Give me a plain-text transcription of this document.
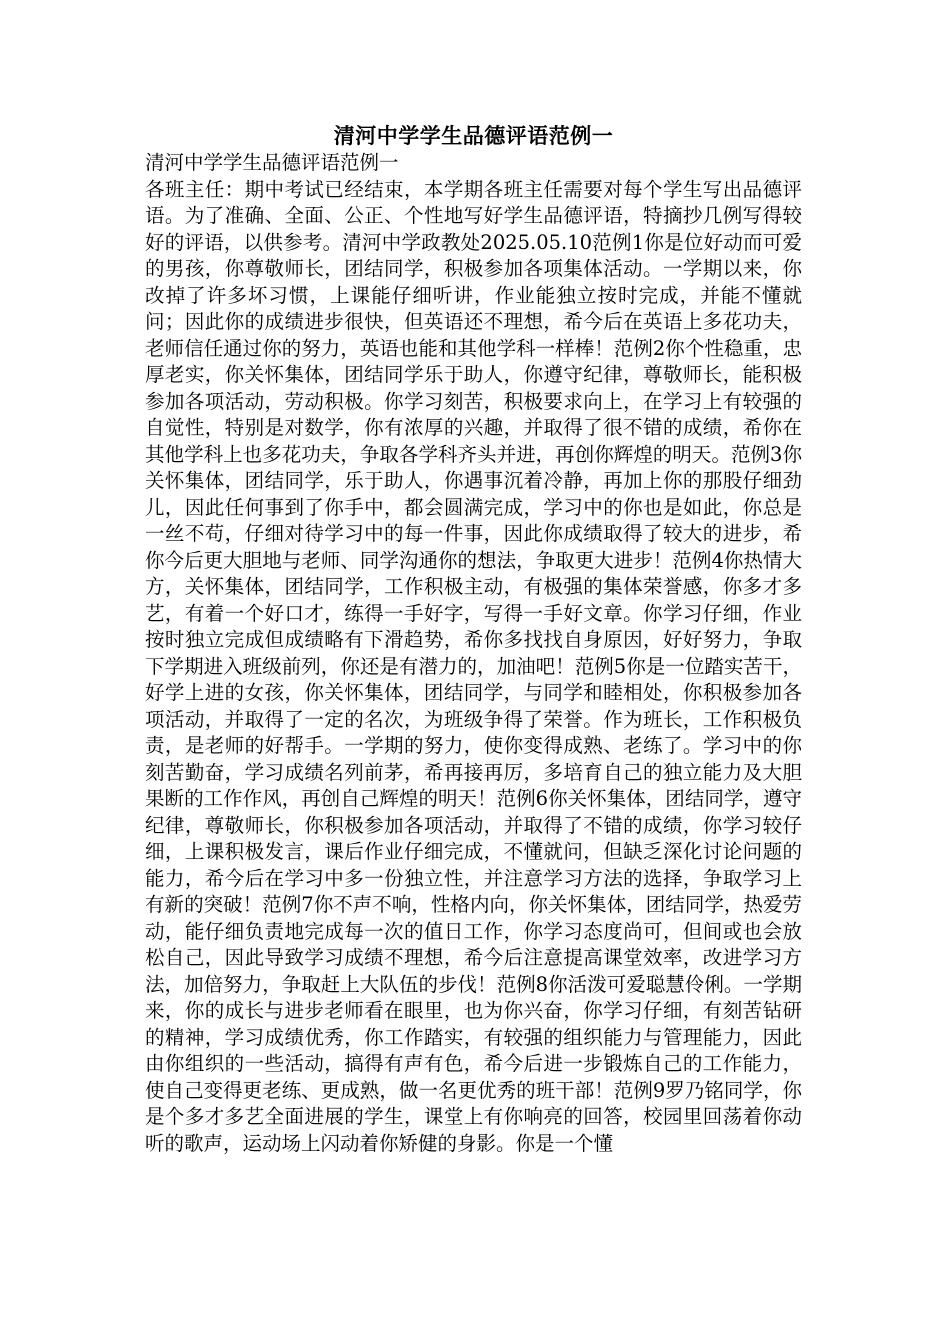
清河中学学生品德评语范例一

清河中学学生品德评语范例一

各班主任：期中考试已经结束，本学期各班主任需要对每个学生写出品德评语。为了准确、全面、公正、个性地写好学生品德评语，特摘抄几例写得较好的评语，以供参考。清河中学政教处2025.05.10范例1你是位好动而可爱的男孩，你尊敬师长，团结同学，积极参加各项集体活动。一学期以来，你改掉了许多坏习惯，上课能仔细听讲，作业能独立按时完成，并能不懂就问；因此你的成绩进步很快，但英语还不理想，希今后在英语上多花功夫，老师信任通过你的努力，英语也能和其他学科一样棒！范例2你个性稳重，忠厚老实，你关怀集体，团结同学乐于助人，你遵守纪律，尊敬师长，能积极参加各项活动，劳动积极。你学习刻苦，积极要求向上，在学习上有较强的自觉性，特别是对数学，你有浓厚的兴趣，并取得了很不错的成绩，希你在其他学科上也多花功夫，争取各学科齐头并进，再创你辉煌的明天。范例3你关怀集体，团结同学，乐于助人，你遇事沉着冷静，再加上你的那股仔细劲儿，因此任何事到了你手中，都会圆满完成，学习中的你也是如此，你总是一丝不苟，仔细对待学习中的每一件事，因此你成绩取得了较大的进步，希你今后更大胆地与老师、同学沟通你的想法，争取更大进步！范例4你热情大方，关怀集体，团结同学，工作积极主动，有极强的集体荣誉感，你多才多艺，有着一个好口才，练得一手好字，写得一手好文章。你学习仔细，作业按时独立完成但成绩略有下滑趋势，希你多找找自身原因，好好努力，争取下学期进入班级前列，你还是有潜力的，加油吧！范例5你是一位踏实苦干，好学上进的女孩，你关怀集体，团结同学，与同学和睦相处，你积极参加各项活动，并取得了一定的名次，为班级争得了荣誉。作为班长，工作积极负责，是老师的好帮手。一学期的努力，使你变得成熟、老练了。学习中的你刻苦勤奋，学习成绩名列前茅，希再接再厉，多培育自己的独立能力及大胆果断的工作作风，再创自己辉煌的明天！范例6你关怀集体，团结同学，遵守纪律，尊敬师长，你积极参加各项活动，并取得了不错的成绩，你学习较仔细，上课积极发言，课后作业仔细完成，不懂就问，但缺乏深化讨论问题的能力，希今后在学习中多一份独立性，并注意学习方法的选择，争取学习上有新的突破！范例7你不声不响，性格内向，你关怀集体，团结同学，热爱劳动，能仔细负责地完成每一次的值日工作，你学习态度尚可，但间或也会放松自己，因此导致学习成绩不理想，希今后注意提高课堂效率，改进学习方法，加倍努力，争取赶上大队伍的步伐！范例8你活泼可爱聪慧伶俐。一学期来，你的成长与进步老师看在眼里，也为你兴奋，你学习仔细，有刻苦钻研的精神，学习成绩优秀，你工作踏实，有较强的组织能力与管理能力，因此由你组织的一些活动，搞得有声有色，希今后进一步锻炼自己的工作能力，使自己变得更老练、更成熟，做一名更优秀的班干部！范例9罗乃铭同学，你是个多才多艺全面进展的学生，课堂上有你响亮的回答，校园里回荡着你动听的歌声，运动场上闪动着你矫健的身影。你是一个懂
